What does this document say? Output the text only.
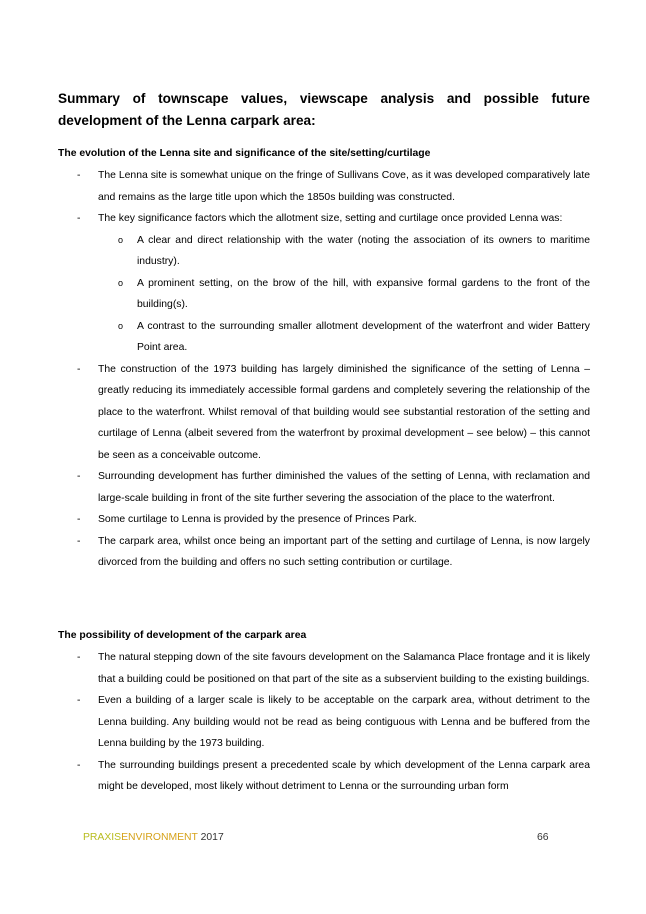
Summary of townscape values, viewscape analysis and possible future development of the Lenna carpark area:

The evolution of the Lenna site and significance of the site/setting/curtilage

- The Lenna site is somewhat unique on the fringe of Sullivans Cove, as it was developed comparatively late and remains as the large title upon which the 1850s building was constructed.
- The key significance factors which the allotment size, setting and curtilage once provided Lenna was:
o A clear and direct relationship with the water (noting the association of its owners to maritime industry).
o A prominent setting, on the brow of the hill, with expansive formal gardens to the front of the building(s).
o A contrast to the surrounding smaller allotment development of the waterfront and wider Battery Point area.
- The construction of the 1973 building has largely diminished the significance of the setting of Lenna – greatly reducing its immediately accessible formal gardens and completely severing the relationship of the place to the waterfront. Whilst removal of that building would see substantial restoration of the setting and curtilage of Lenna (albeit severed from the waterfront by proximal development – see below) – this cannot be seen as a conceivable outcome.
- Surrounding development has further diminished the values of the setting of Lenna, with reclamation and large-scale building in front of the site further severing the association of the place to the waterfront.
- Some curtilage to Lenna is provided by the presence of Princes Park.
- The carpark area, whilst once being an important part of the setting and curtilage of Lenna, is now largely divorced from the building and offers no such setting contribution or curtilage.

The possibility of development of the carpark area

- The natural stepping down of the site favours development on the Salamanca Place frontage and it is likely that a building could be positioned on that part of the site as a subservient building to the existing buildings.
- Even a building of a larger scale is likely to be acceptable on the carpark area, without detriment to the Lenna building. Any building would not be read as being contiguous with Lenna and be buffered from the Lenna building by the 1973 building.
- The surrounding buildings present a precedented scale by which development of the Lenna carpark area might be developed, most likely without detriment to Lenna or the surrounding urban form
PRAXISENVIRONMENT 2017	66
